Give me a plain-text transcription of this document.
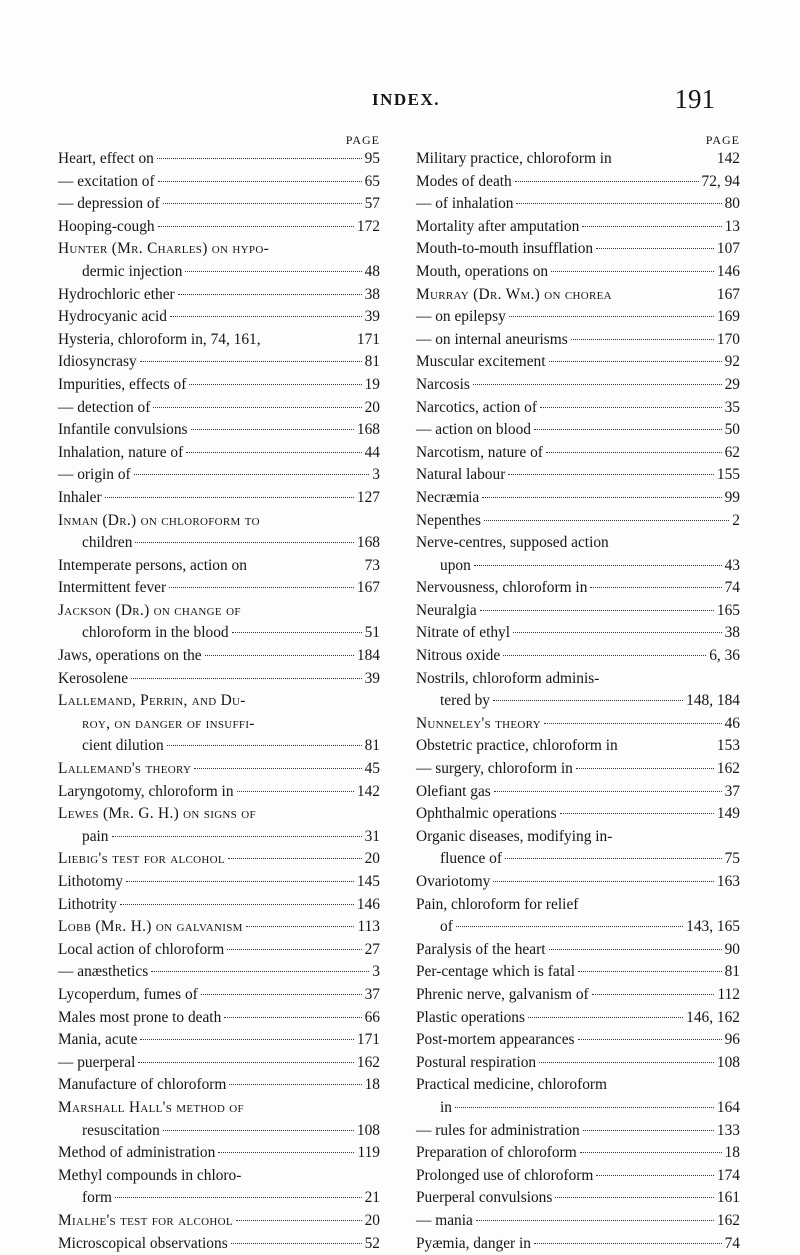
INDEX.	191
PAGE
Heart, effect on	95
— excitation of	65
— depression of	57
Hooping-cough	172
Hunter (Mr. Charles) on hypo-
dermic injection	48
Hydrochloric ether	38
Hydrocyanic acid	39
Hysteria, chloroform in, 74, 161,	171
Idiosyncrasy	81
Impurities, effects of	19
— detection of	20
Infantile convulsions	168
Inhalation, nature of	44
— origin of	3
Inhaler	127
Inman (Dr.) on chloroform to
children	168
Intemperate persons, action on	73
Intermittent fever	167
Jackson (Dr.) on change of
chloroform in the blood	51
Jaws, operations on the	184
Kerosolene	39
Lallemand, Perrin, and Du-
roy, on danger of insuffi-
cient dilution	81
Lallemand's theory	45
Laryngotomy, chloroform in	142
Lewes (Mr. G. H.) on signs of
pain	31
Liebig's test for alcohol	20
Lithotomy	145
Lithotrity	146
Lobb (Mr. H.) on galvanism	113
Local action of chloroform	27
— anæsthetics	3
Lycoperdum, fumes of	37
Males most prone to death	66
Mania, acute	171
— puerperal	162
Manufacture of chloroform	18
Marshall Hall's method of
resuscitation	108
Method of administration	119
Methyl compounds in chloro-
form	21
Mialhe's test for alcohol	20
Microscopical observations	52
PAGE
Military practice, chloroform in	142
Modes of death	72, 94
— of inhalation	80
Mortality after amputation	13
Mouth-to-mouth insufflation	107
Mouth, operations on	146
Murray (Dr. Wm.) on chorea	167
— on epilepsy	169
— on internal aneurisms	170
Muscular excitement	92
Narcosis	29
Narcotics, action of	35
— action on blood	50
Narcotism, nature of	62
Natural labour	155
Necræmia	99
Nepenthes	2
Nerve-centres, supposed action
upon	43
Nervousness, chloroform in	74
Neuralgia	165
Nitrate of ethyl	38
Nitrous oxide	6, 36
Nostrils, chloroform adminis-
tered by	148, 184
Nunneley's theory	46
Obstetric practice, chloroform in	153
— surgery, chloroform in	162
Olefiant gas	37
Ophthalmic operations	149
Organic diseases, modifying in-
fluence of	75
Ovariotomy	163
Pain, chloroform for relief
of	143, 165
Paralysis of the heart	90
Per-centage which is fatal	81
Phrenic nerve, galvanism of	112
Plastic operations	146, 162
Post-mortem appearances	96
Postural respiration	108
Practical medicine, chloroform
in	164
— rules for administration	133
Preparation of chloroform	18
Prolonged use of chloroform	174
Puerperal convulsions	161
— mania	162
Pyæmia, danger in	74
